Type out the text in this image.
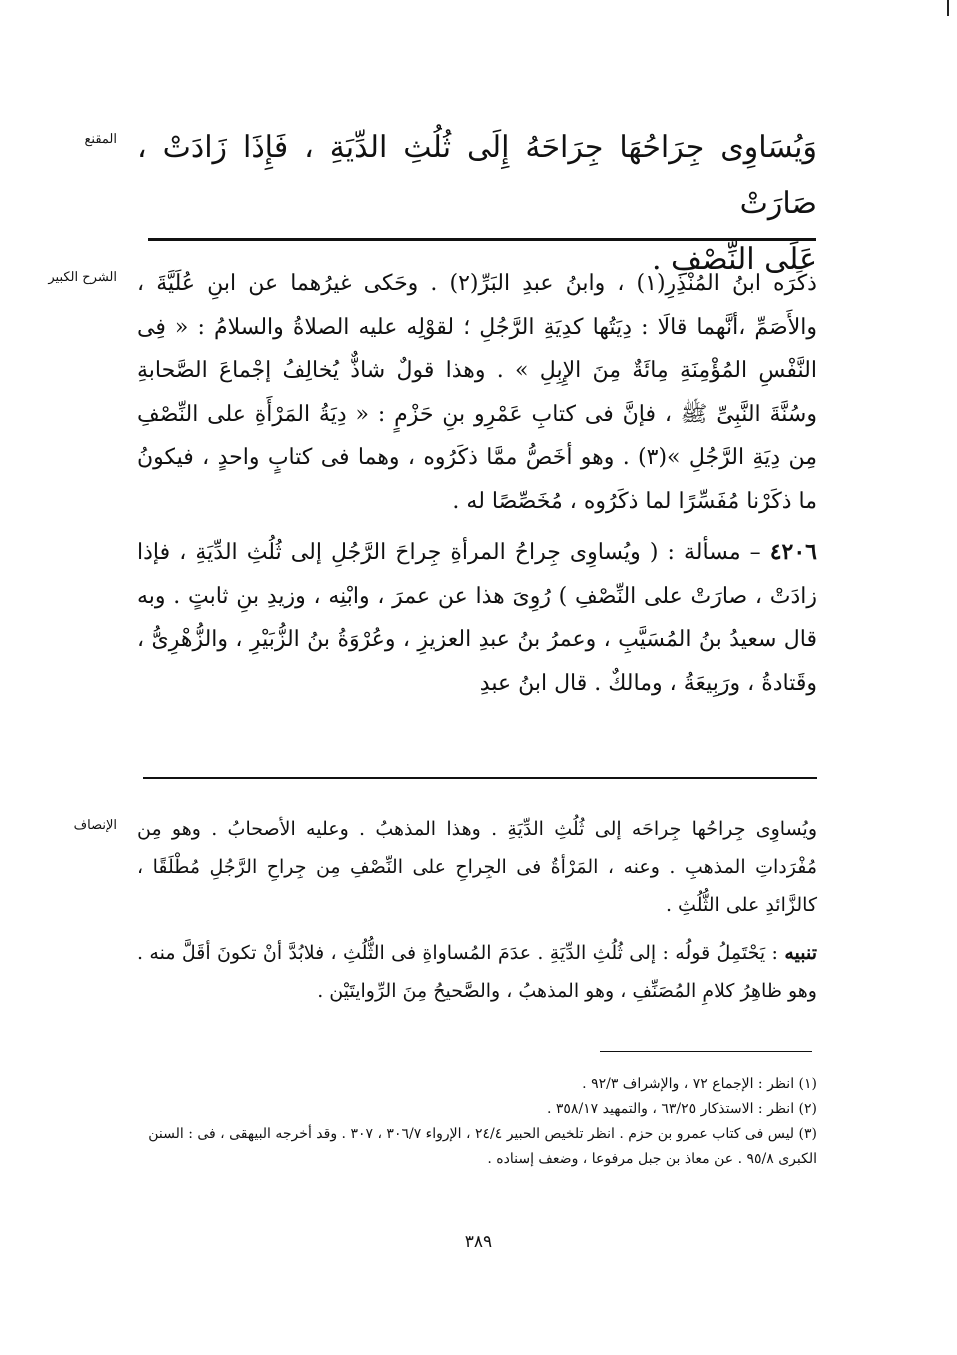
المقنع وَيُسَاوِى جِرَاحُهَا جِرَاحَهُ إِلَى ثُلُثِ الدِّيَةِ ، فَإِذَا زَادَتْ ، صَارَتْ
عَلَى النِّصْفِ .
الشرح الكبير ذكَرَه ابنُ المُنْذِرِ(١) ، وابنُ عبدِ البَرِّ(٢) . وحَكى غيرُهما عن ابنِ عُلَيَّةَ ، والأَصَمِّ ،أنَّهما قالَا : دِيَتُها كدِيَةِ الرَّجُلِ ؛ لقوْلِه عليه الصلاةُ والسلامُ : « فِى النَّفْسِ المُؤْمِنَةِ مِائَةٌ مِنَ الإِبِلِ » . وهذا قولٌ شاذٌّ يُخالِفُ إجْماعَ الصَّحابةِ وسُنَّةَ النَّبِىِّ ﷺ ، فإنَّ فى كتابِ عَمْرِو بنِ حَزْمٍ : « دِيَةُ المَرْأَةِ على النِّصْفِ مِن دِيَةِ الرَّجُلِ »(٣) . وهو أخَصُّ ممَّا ذكَرُوه ، وهما فى كتابٍ واحدٍ ، فيكونُ ما ذكَرْنا مُفَسِّرًا لما ذكَرُوه ، مُخَصِّصًا له .

٤٢٠٦ – مسألة : ( ويُساوِى جِراحُ المرأةِ جِراحَ الرَّجُلِ إلى ثُلُثِ الدِّيَةِ ، فإذا زادَتْ ، صارَتْ على النِّصْفِ ) رُوِىَ هذا عن عمرَ ، وابْنِه ، وزيدِ بنِ ثابتٍ . وبه قال سعيدُ بنُ المُسَيَّبِ ، وعمرُ بنُ عبدِ العزيزِ ، وعُرْوَةُ بنُ الزُّبَيْرِ ، والزُّهْرِىُّ ، وقَتادةُ ، ورَبِيعَةُ ، ومالكٌ . قال ابنُ عبدِ

الإنصاف ويُساوِى جِراحُها جِراحَه إلى ثُلُثِ الدِّيَةِ . وهذا المذهبُ . وعليه الأصحابُ . وهو مِن مُفْرَداتِ المذهبِ . وعنه ، المَرْأةُ فى الجِراحِ على النِّصْفِ مِن جِراحِ الرَّجُلِ مُطْلَقًا ، كالزَّائدِ على الثُّلُثِ .

تنبيه : يَحْتَمِلُ قولُه : إلى ثُلُثِ الدِّيَةِ . عدَمَ المُساواةِ فى الثُّلُثِ ، فلابُدَّ أنْ تكونَ أقَلَّ منه . وهو ظاهِرُ كلامِ المُصَنِّفِ ، وهو المذهبُ ، والصَّحيحُ مِنَ الرِّوايتَيْن .

(١) انظر : الإجماع ٧٢ ، والإشراف ٩٢/٣ .
(٢) انظر : الاستذكار ٦٣/٢٥ ، والتمهيد ٣٥٨/١٧ .
(٣) ليس فى كتاب عمرو بن حزم . انظر تلخيص الحبير ٢٤/٤ ، الإرواء ٣٠٦/٧ ، ٣٠٧ . وقد أخرجه البيهقى ، فى : السنن الكبرى ٩٥/٨ . عن معاذ بن جبل مرفوعا ، وضعف إسناده .
٣٨٩
